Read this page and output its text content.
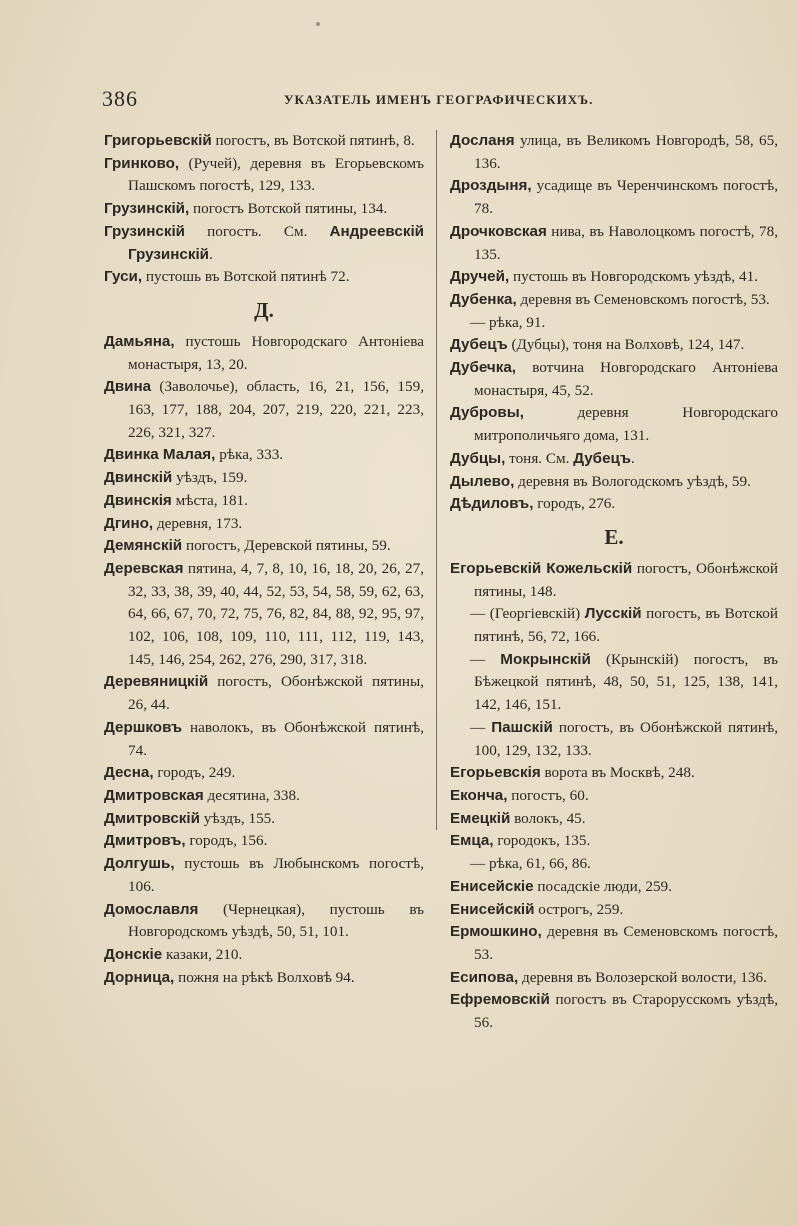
386	УКАЗАТЕЛЬ ИМЕНЪ ГЕОГРАФИЧЕСКИХЪ.

Григорьевскій погостъ, въ Вотской пятинѣ, 8.

Гринково, (Ручей), деревня въ Егорьевскомъ Пашскомъ погостѣ, 129, 133.

Грузинскій, погостъ Вотской пятины, 134.

Грузинскій погостъ. См. Андреевскій Грузинскій.

Гуси, пустошь въ Вотской пятинѣ 72.

Д.

Дамьяна, пустошь Новгородскаго Антоніева монастыря, 13, 20.

Двина (Заволочье), область, 16, 21, 156, 159, 163, 177, 188, 204, 207, 219, 220, 221, 223, 226, 321, 327.

Двинка Малая, рѣка, 333.

Двинскій уѣздъ, 159.

Двинскія мѣста, 181.

Дгино, деревня, 173.

Демянскій погостъ, Деревской пятины, 59.

Деревская пятина, 4, 7, 8, 10, 16, 18, 20, 26, 27, 32, 33, 38, 39, 40, 44, 52, 53, 54, 58, 59, 62, 63, 64, 66, 67, 70, 72, 75, 76, 82, 84, 88, 92, 95, 97, 102, 106, 108, 109, 110, 111, 112, 119, 143, 145, 146, 254, 262, 276, 290, 317, 318.

Деревяницкій погостъ, Обонѣжской пятины, 26, 44.

Дершковъ наволокъ, въ Обонѣжской пятинѣ, 74.

Десна, городъ, 249.

Дмитровская десятина, 338.

Дмитровскій уѣздъ, 155.

Дмитровъ, городъ, 156.

Долгушь, пустошь въ Любынскомъ погостѣ, 106.

Домославля (Чернецкая), пустошь въ Новгородскомъ уѣздѣ, 50, 51, 101.

Донскіе казаки, 210.

Дорница, пожня на рѣкѣ Волховѣ 94.

Досланя улица, въ Великомъ Новгородѣ, 58, 65, 136.

Дроздыня, усадище въ Черенчинскомъ погостѣ, 78.

Дрочковская нива, въ Наволоцкомъ погостѣ, 78, 135.

Дручей, пустошь въ Новгородскомъ уѣздѣ, 41.

Дубенка, деревня въ Семеновскомъ погостѣ, 53.

— рѣка, 91.

Дубецъ (Дубцы), тоня на Волховѣ, 124, 147.

Дубечка, вотчина Новгородскаго Антоніева монастыря, 45, 52.

Дубровы, деревня Новгородскаго митрополичьяго дома, 131.

Дубцы, тоня. См. Дубецъ.

Дылево, деревня въ Вологодскомъ уѣздѣ, 59.

Дѣдиловъ, городъ, 276.

Е.

Егорьевскій Кожельскій погостъ, Обонѣжской пятины, 148.

— (Георгіевскій) Лусскій погостъ, въ Вотской пятинѣ, 56, 72, 166.

— Мокрынскій (Крынскій) погостъ, въ Бѣжецкой пятинѣ, 48, 50, 51, 125, 138, 141, 142, 146, 151.

— Пашскій погостъ, въ Обонѣжской пятинѣ, 100, 129, 132, 133.

Егорьевскія ворота въ Москвѣ, 248.

Еконча, погостъ, 60.

Емецкій волокъ, 45.

Емца, городокъ, 135.

— рѣка, 61, 66, 86.

Енисейскіе посадскіе люди, 259.

Енисейскій острогъ, 259.

Ермошкино, деревня въ Семеновскомъ погостѣ, 53.

Есипова, деревня въ Волозерской волости, 136.

Ефремовскій погостъ въ Старорусскомъ уѣздѣ, 56.
